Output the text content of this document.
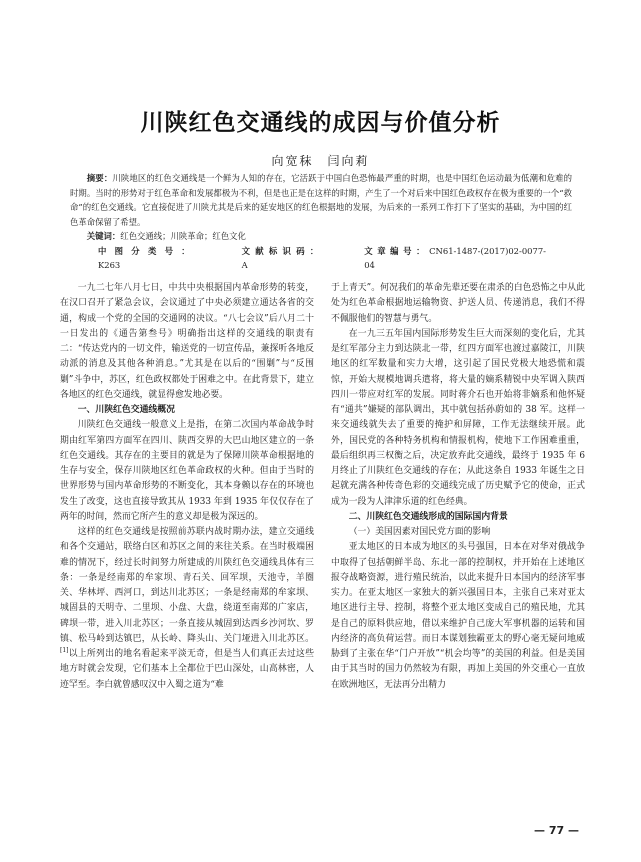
川陕红色交通线的成因与价值分析
向宽秣　闫向莉

摘要：川陕地区的红色交通线是一个鲜为人知的存在，它活跃于中国白色恐怖最严重的时期，也是中国红色运动最为低潮和危难的时期。当时的形势对于红色革命和发展都极为不利，但是也正是在这样的时期，产生了一个对后来中国红色政权存在极为重要的一个“救命”的红色交通线。它直接促进了川陕尤其是后来的延安地区的红色根据地的发展，为后来的一系列工作打下了坚实的基础，为中国的红色革命保留了希望。

关键词：红色交通线；川陕革命；红色文化

中图分类号：K263
文献标识码：A
文章编号：CN61-1487-(2017)02-0077-04

一九二七年八月七日，中共中央根据国内革命形势的转变，在汉口召开了紧急会议，会议通过了中央必须建立通达各省的交通，构成一个党的全国的交通网的决议。“八七会议”后八月二十一日发出的《通告第叁号》明确指出这样的交通线的职责有二：“传达党内的一切文件，输送党的一切宣传品，兼探听各地反动派的消息及其他各种消息。”尤其是在以后的“围剿”与“反围剿”斗争中，苏区，红色政权都处于困难之中。在此背景下，建立各地区的红色交通线，就显得愈发地必要。

一、川陕红色交通线概况

川陕红色交通线一般意义上是指，在第二次国内革命战争时期由红军第四方面军在四川、陕西交界的大巴山地区建立的一条红色交通线。其存在的主要目的就是为了保障川陕革命根据地的生存与安全，保存川陕地区红色革命政权的火种。但由于当时的世界形势与国内革命形势的不断变化，其本身赖以存在的环境也发生了改变，这也直接导致其从 1933 年到 1935 年仅仅存在了两年的时间，然而它所产生的意义却是极为深远的。

这样的红色交通线是按照前苏联内战时期办法，建立交通线和各个交通站，联络白区和苏区之间的来往关系。在当时极端困难的情况下，经过长时间努力所建成的川陕红色交通线具体有三条：一条是经南郑的牟家坝、青石关、回军坝，天池寺，羊圈关、华林坪、西河口，到达川北苏区；一条是经南郑的牟家坝、城固县的天明寺、二里坝、小盘、大盘，绕道至南郑的广家店，碑坝一带，进入川北苏区；一条直接从城固到达西乡沙河坎、罗镇、松马岭到达镇巴，从长岭、降头山、关门垭进入川北苏区。[1]以上所列出的地名看起来平淡无奇，但是当人们真正去过这些地方时就会发现，它们基本上全都位于巴山深处，山高林密，人迹罕至。李白就曾感叹汉中入蜀之道为“难

于上青天”。何况我们的革命先辈还要在肃杀的白色恐怖之中从此处为红色革命根据地运输物资、护送人员、传递消息，我们不得不佩服他们的智慧与勇气。

在一九三五年国内国际形势发生巨大而深刻的变化后，尤其是红军部分主力到达陕北一带，红四方面军也渡过嘉陵江，川陕地区的红军数量和实力大增，这引起了国民党极大地恐慌和震惊，开始大规模地调兵遣将，将大量的嫡系精锐中央军调入陕西四川一带应对红军的发展。同时蒋介石也开始将非嫡系和他怀疑有“通共”嫌疑的部队调出，其中就包括孙蔚如的 38 军。这样一来交通线就失去了重要的掩护和屏障，工作无法继续开展。此外，国民党的各种特务机构和情报机构，使地下工作困难重重，最后组织再三权衡之后，决定放弃此交通线，最终于 1935 年 6 月终止了川陕红色交通线的存在；从此这条自 1933 年诞生之日起就充满各种传奇色彩的交通线完成了历史赋予它的使命，正式成为一段为人津津乐道的红色经典。

二、川陕红色交通线形成的国际国内背景
（一）美国因素对国民党方面的影响

亚太地区的日本成为地区的头号强国，日本在对华对俄战争中取得了包括朝鲜半岛、东北一部的控制权，并开始在上述地区报夺战略资源，进行殖民统治，以此来提升日本国内的经济军事实力。在亚太地区一家独大的新兴强国日本，主张自己来对亚太地区进行主导、控制，将整个亚太地区变成自己的殖民地，尤其是自己的原料供应地，借以来维护自己庞大军事机器的运转和国内经济的高负荷运营。而日本谋划独霸亚太的野心毫无疑问地威胁到了主张在华“门户开放”“机会均等”的美国的利益。但是美国由于其当时的国力仍然较为有限，再加上美国的外交重心一直放在欧洲地区，无法再分出精力

— 77 —
